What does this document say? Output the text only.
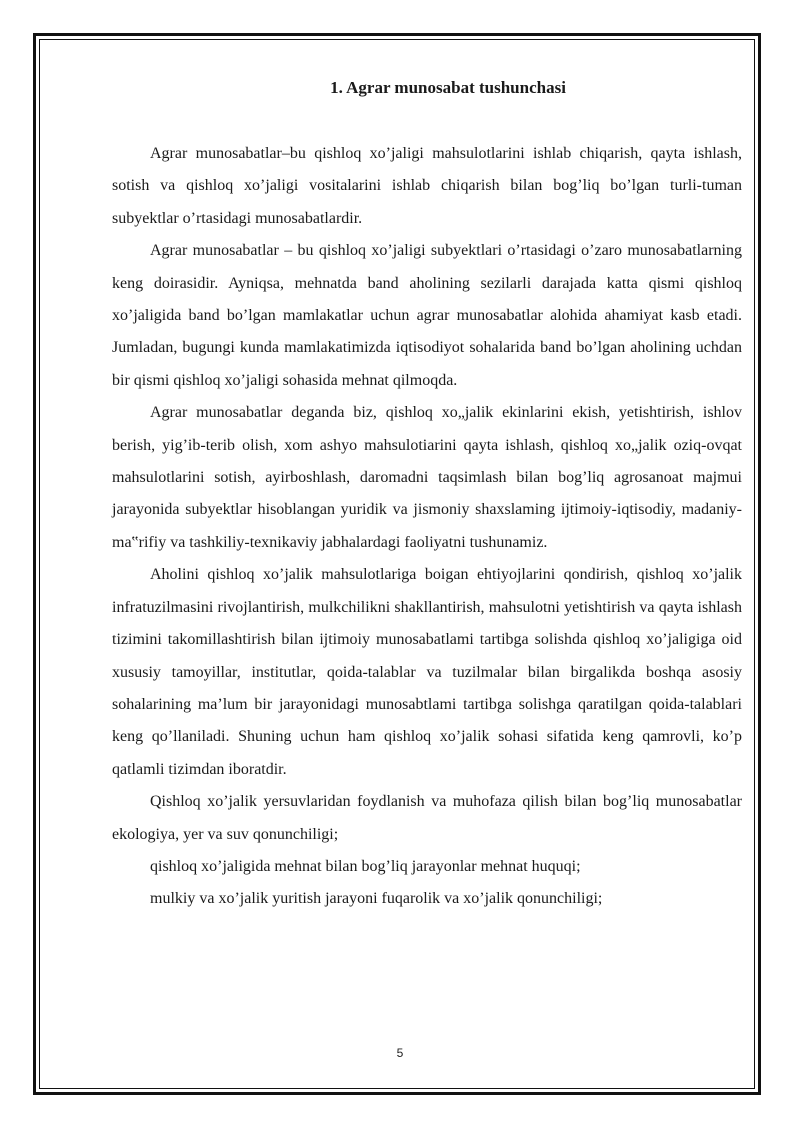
1. Agrar munosabat tushunchasi

Agrar munosabatlar–bu qishloq xo’jaligi mahsulotlarini ishlab chiqarish, qayta ishlash, sotish va qishloq xo’jaligi vositalarini ishlab chiqarish bilan bog’liq bo’lgan turli-tuman subyektlar o’rtasidagi munosabatlardir.

Agrar munosabatlar – bu qishloq xo’jaligi subyektlari o’rtasidagi o’zaro munosabatlarning keng doirasidir. Ayniqsa, mehnatda band aholining sezilarli darajada katta qismi qishloq xo’jaligida band bo’lgan mamlakatlar uchun agrar munosabatlar alohida ahamiyat kasb etadi. Jumladan, bugungi kunda mamlakatimizda iqtisodiyot sohalarida band bo’lgan aholining uchdan bir qismi qishloq xo’jaligi sohasida mehnat qilmoqda.

Agrar munosabatlar deganda biz, qishloq xo„jalik ekinlarini ekish, yetishtirish, ishlov berish, yig’ib-terib olish, xom ashyo mahsulotiarini qayta ishlash, qishloq xo„jalik oziq-ovqat mahsulotlarini sotish, ayirboshlash, daromadni taqsimlash bilan bog’liq agrosanoat majmui jarayonida subyektlar hisoblangan yuridik va jismoniy shaxslaming ijtimoiy-iqtisodiy, madaniy-ma‟rifiy va tashkiliy-texnikaviy jabhalardagi faoliyatni tushunamiz.

Aholini qishloq xo’jalik mahsulotlariga boigan ehtiyojlarini qondirish, qishloq xo’jalik infratuzilmasini rivojlantirish, mulkchilikni shakllantirish, mahsulotni yetishtirish va qayta ishlash tizimini takomillashtirish bilan ijtimoiy munosabatlami tartibga solishda qishloq xo’jaligiga oid xususiy tamoyillar, institutlar, qoida-talablar va tuzilmalar bilan birgalikda boshqa asosiy sohalarining ma’lum bir jarayonidagi munosabtlami tartibga solishga qaratilgan qoida-talablari keng qo’llaniladi. Shuning uchun ham qishloq xo’jalik sohasi sifatida keng qamrovli, ko’p qatlamli tizimdan iboratdir.

Qishloq xo’jalik yersuvlaridan foydlanish va muhofaza qilish bilan bog’liq munosabatlar ekologiya, yer va suv qonunchiligi;

qishloq xo’jaligida mehnat bilan bog’liq jarayonlar mehnat huquqi;

mulkiy va xo’jalik yuritish jarayoni fuqarolik va xo’jalik qonunchiligi;

5
